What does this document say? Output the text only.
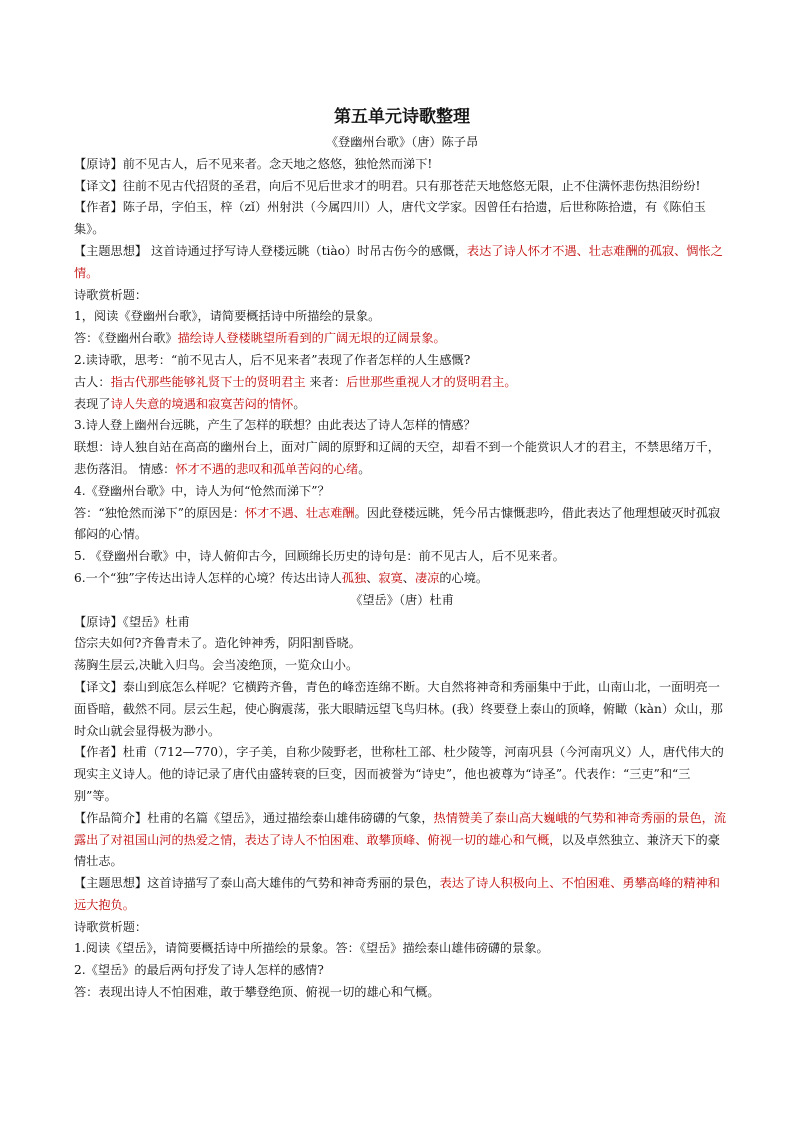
第五单元诗歌整理

《登幽州台歌》（唐）陈子昂

【原诗】前不见古人，后不见来者。念天地之悠悠，独怆然而涕下!

【译文】往前不见古代招贤的圣君，向后不见后世求才的明君。只有那苍茫天地悠悠无限，止不住满怀悲伤热泪纷纷!

【作者】陈子昂，字伯玉，梓（zǐ）州射洪（今属四川）人，唐代文学家。因曾任右拾遗，后世称陈拾遗，有《陈伯玉集》。

【主题思想】 这首诗通过抒写诗人登楼远眺（tiào）时吊古伤今的感慨，表达了诗人怀才不遇、壮志难酬的孤寂、惆怅之情。

诗歌赏析题：

1，阅读《登幽州台歌》，请简要概括诗中所描绘的景象。

答：《登幽州台歌》描绘诗人登楼眺望所看到的广阔无垠的辽阔景象。

2.读诗歌，思考：“前不见古人，后不见来者”表现了作者怎样的人生感慨?

古人：指古代那些能够礼贤下士的贤明君主 来者：后世那些重视人才的贤明君主。

表现了诗人失意的境遇和寂寞苦闷的情怀。

3.诗人登上幽州台远眺，产生了怎样的联想？由此表达了诗人怎样的情感？

联想：诗人独自站在高高的幽州台上，面对广阔的原野和辽阔的天空，却看不到一个能赏识人才的君主，不禁思绪万千，悲伤落泪。 情感：怀才不遇的悲叹和孤单苦闷的心绪。

4.《登幽州台歌》中，诗人为何“怆然而涕下”？

答：“独怆然而涕下”的原因是：怀才不遇、壮志难酬。因此登楼远眺，凭今吊古慷慨悲吟，借此表达了他理想破灭时孤寂郁闷的心情。

5. 《登幽州台歌》中，诗人俯仰古今，回顾绵长历史的诗句是：前不见古人，后不见来者。

6.一个“独”字传达出诗人怎样的心境？传达出诗人孤独、寂寞、凄凉的心境。

《望岳》（唐）杜甫

【原诗】《望岳》杜甫

岱宗夫如何?齐鲁青未了。造化钟神秀，阴阳割昏晓。

荡胸生层云,决眦入归鸟。会当凌绝顶，一览众山小。

【译文】泰山到底怎么样呢？它横跨齐鲁，青色的峰峦连绵不断。大自然将神奇和秀丽集中于此，山南山北，一面明亮一面昏暗，截然不同。层云生起，使心胸震荡，张大眼睛远望飞鸟归林。(我）终要登上泰山的顶峰，俯瞰（kàn）众山，那时众山就会显得极为渺小。

【作者】杜甫（712—770），字子美，自称少陵野老，世称杜工部、杜少陵等，河南巩县（今河南巩义）人，唐代伟大的现实主义诗人。他的诗记录了唐代由盛转衰的巨变，因而被誉为“诗史”，他也被尊为“诗圣”。代表作：“三吏”和“三别”等。

【作品简介】杜甫的名篇《望岳》，通过描绘泰山雄伟磅礴的气象，热情赞美了泰山高大巍峨的气势和神奇秀丽的景色，流露出了对祖国山河的热爱之情，表达了诗人不怕困难、敢攀顶峰、俯视一切的雄心和气概，以及卓然独立、兼济天下的豪情壮志。

【主题思想】这首诗描写了泰山高大雄伟的气势和神奇秀丽的景色，表达了诗人积极向上、不怕困难、勇攀高峰的精神和远大抱负。

诗歌赏析题：

1.阅读《望岳》，请简要概括诗中所描绘的景象。答：《望岳》描绘泰山雄伟磅礴的景象。

2.《望岳》的最后两句抒发了诗人怎样的感情?

答：表现出诗人不怕困难，敢于攀登绝顶、俯视一切的雄心和气概。
